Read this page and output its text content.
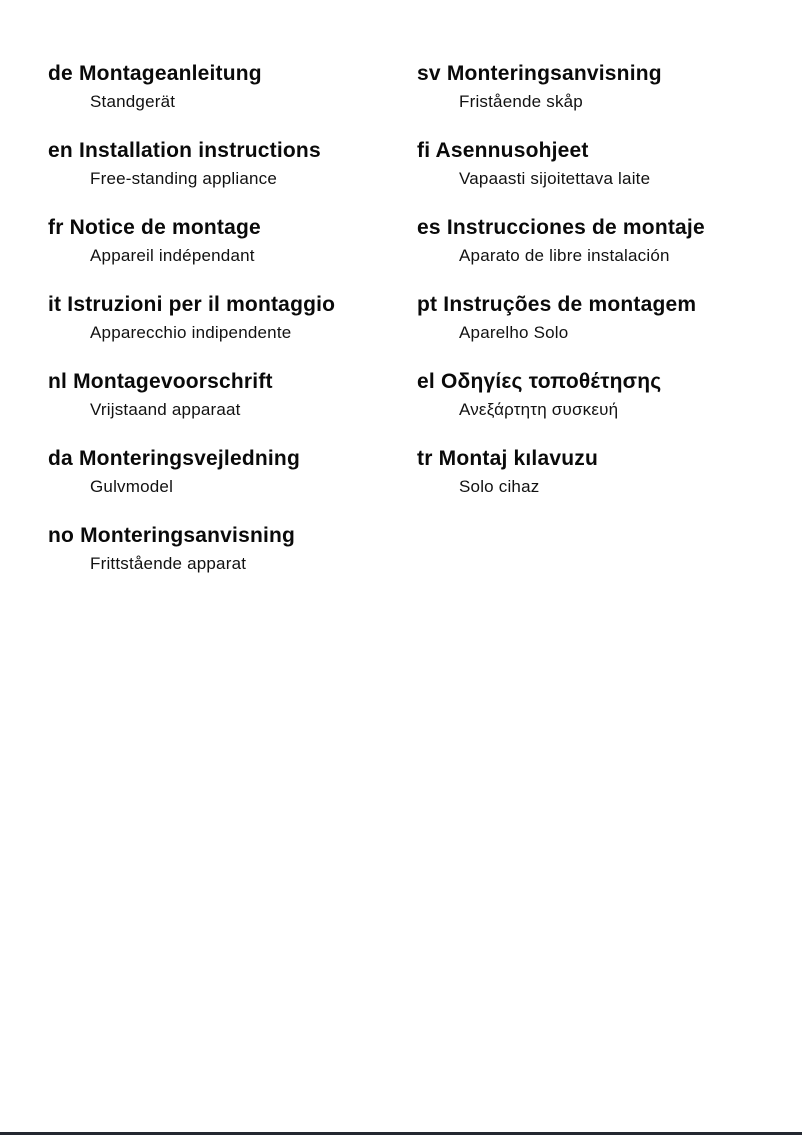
de Montageanleitung
Standgerät
en Installation instructions
Free-standing appliance
fr Notice de montage
Appareil indépendant
it Istruzioni per il montaggio
Apparecchio indipendente
nl Montagevoorschrift
Vrijstaand apparaat
da Monteringsvejledning
Gulvmodel
no Monteringsanvisning
Frittstående apparat
sv Monteringsanvisning
Fristående skåp
fi Asennusohjeet
Vapaasti sijoitettava laite
es Instrucciones de montaje
Aparato de libre instalación
pt Instruções de montagem
Aparelho Solo
el Οδηγίες τοποθέτησης
Ανεξάρτητη συσκευή
tr Montaj kılavuzu
Solo cihaz
